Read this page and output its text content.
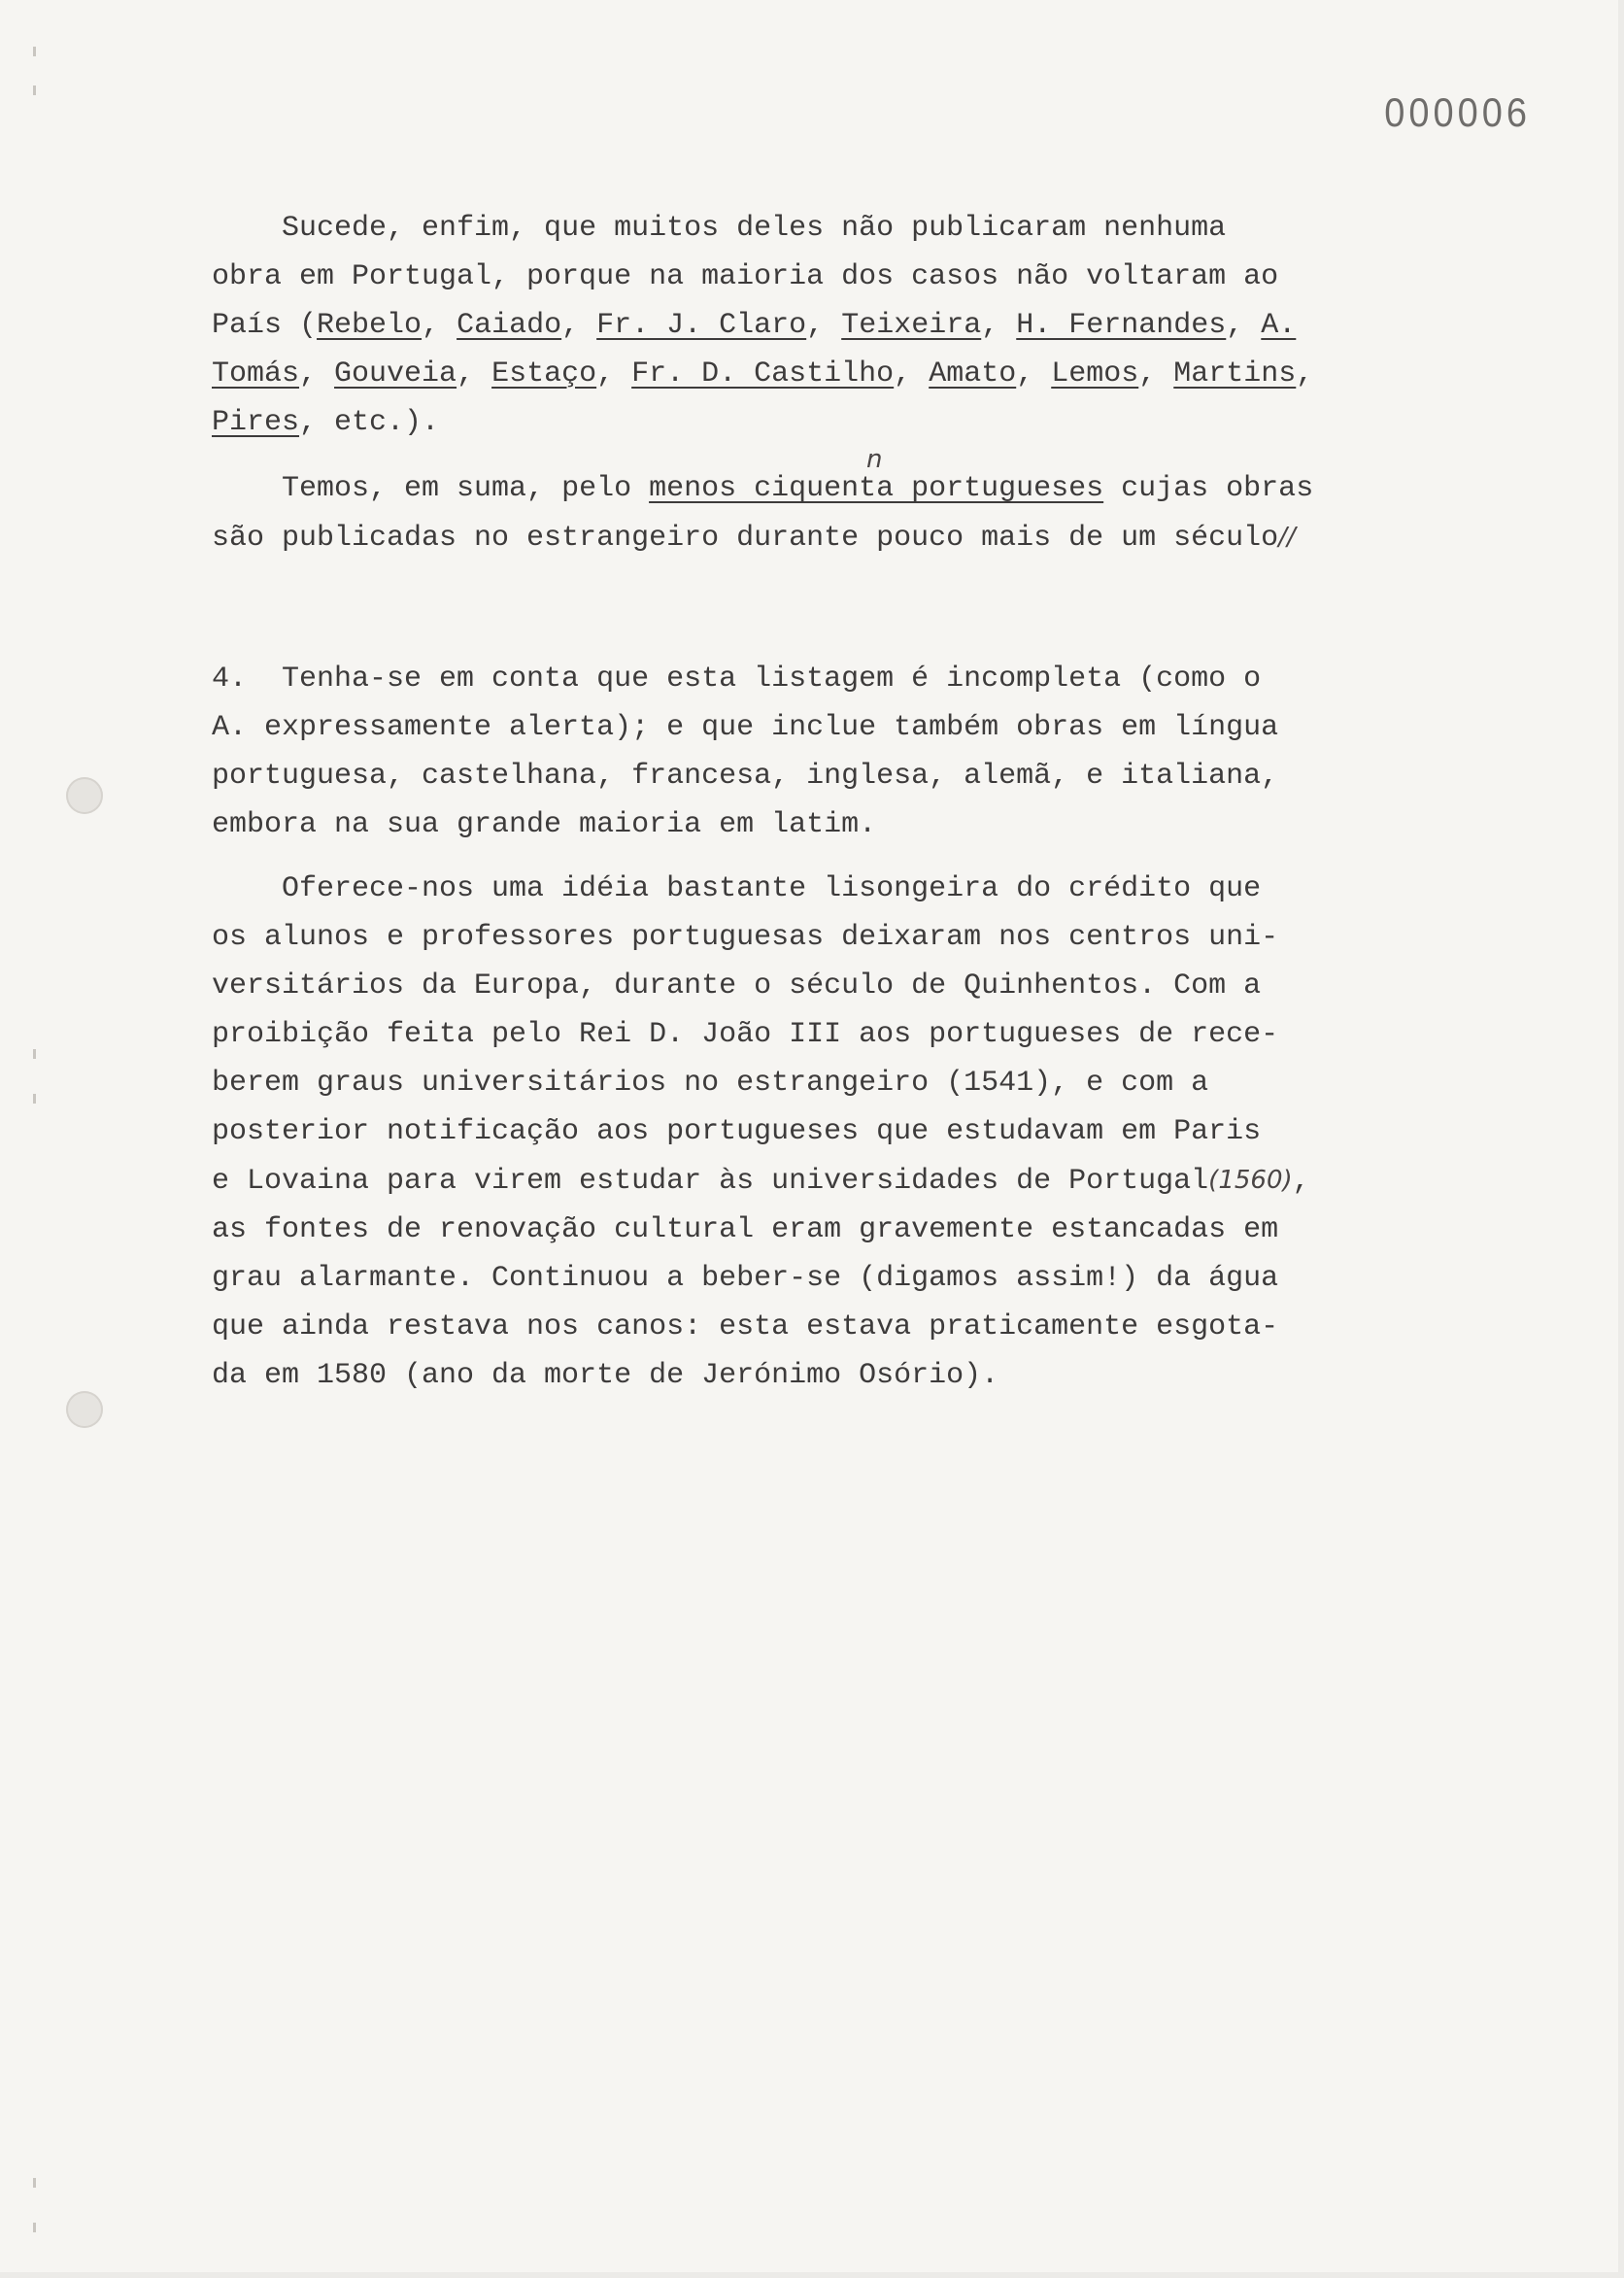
000006
Sucede, enfim, que muitos deles não publicaram nenhuma
obra em Portugal, porque na maioria dos casos não voltaram ao
País (Rebelo, Caiado, Fr. J. Claro, Teixeira, H. Fernandes, A.
Tomás, Gouveia, Estaço, Fr. D. Castilho, Amato, Lemos, Martins,
Pires, etc.).
Temos, em suma, pelo menos ciquenta portugueses cujas obras
são publicadas no estrangeiro durante pouco mais de um século//
n
4.  Tenha-se em conta que esta listagem é incompleta (como o
A. expressamente alerta); e que inclue também obras em língua
portuguesa, castelhana, francesa, inglesa, alemã, e italiana,
embora na sua grande maioria em latim.
Oferece-nos uma idéia bastante lisongeira do crédito que
os alunos e professores portuguesas deixaram nos centros uni-
versitários da Europa, durante o século de Quinhentos. Com a
proibição feita pelo Rei D. João III aos portugueses de rece-
berem graus universitários no estrangeiro (1541), e com a
posterior notificação aos portugueses que estudavam em Paris
e Lovaina para virem estudar às universidades de Portugal(1560),
as fontes de renovação cultural eram gravemente estancadas em
grau alarmante. Continuou a beber-se (digamos assim!) da água
que ainda restava nos canos: esta estava praticamente esgota-
da em 1580 (ano da morte de Jerónimo Osório).
